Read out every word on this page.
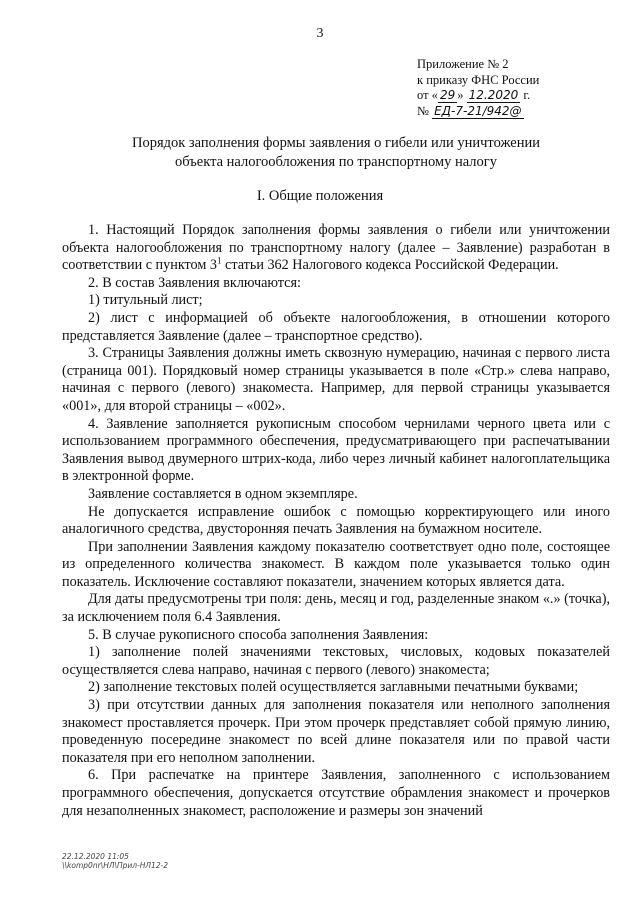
3
Приложение № 2
к приказу ФНС России
от « 29 » 12.2020 г.
№ ЕД-7-21/942@
Порядок заполнения формы заявления о гибели или уничтожении
объекта налогообложения по транспортному налогу
I. Общие положения

1. Настоящий Порядок заполнения формы заявления о гибели или уничтожении объекта налогообложения по транспортному налогу (далее – Заявление) разработан в соответствии с пунктом $3^1$ статьи 362 Налогового кодекса Российской Федерации.

2. В состав Заявления включаются:

1) титульный лист;

2) лист с информацией об объекте налогообложения, в отношении которого представляется Заявление (далее – транспортное средство).

3. Страницы Заявления должны иметь сквозную нумерацию, начиная с первого листа (страница 001). Порядковый номер страницы указывается в поле «Стр.» слева направо, начиная с первого (левого) знакоместа. Например, для первой страницы указывается «001», для второй страницы – «002».

4. Заявление заполняется рукописным способом чернилами черного цвета или с использованием программного обеспечения, предусматривающего при распечатывании Заявления вывод двумерного штрих-кода, либо через личный кабинет налогоплательщика в электронной форме.

Заявление составляется в одном экземпляре.

Не допускается исправление ошибок с помощью корректирующего или иного аналогичного средства, двусторонняя печать Заявления на бумажном носителе.

При заполнении Заявления каждому показателю соответствует одно поле, состоящее из определенного количества знакомест. В каждом поле указывается только один показатель. Исключение составляют показатели, значением которых является дата.

Для даты предусмотрены три поля: день, месяц и год, разделенные знаком «.» (точка), за исключением поля 6.4 Заявления.

5. В случае рукописного способа заполнения Заявления:

1) заполнение полей значениями текстовых, числовых, кодовых показателей осуществляется слева направо, начиная с первого (левого) знакоместа;

2) заполнение текстовых полей осуществляется заглавными печатными буквами;

3) при отсутствии данных для заполнения показателя или неполного заполнения знакомест проставляется прочерк. При этом прочерк представляет собой прямую линию, проведенную посередине знакомест по всей длине показателя или по правой части показателя при его неполном заполнении.

6. При распечатке на принтере Заявления, заполненного с использованием программного обеспечения, допускается отсутствие обрамления знакомест и прочерков для незаполненных знакомест, расположение и размеры зон значений

22.12.2020 11:05
\\komp0nr\НЛ\Прил-НЛ12-2
